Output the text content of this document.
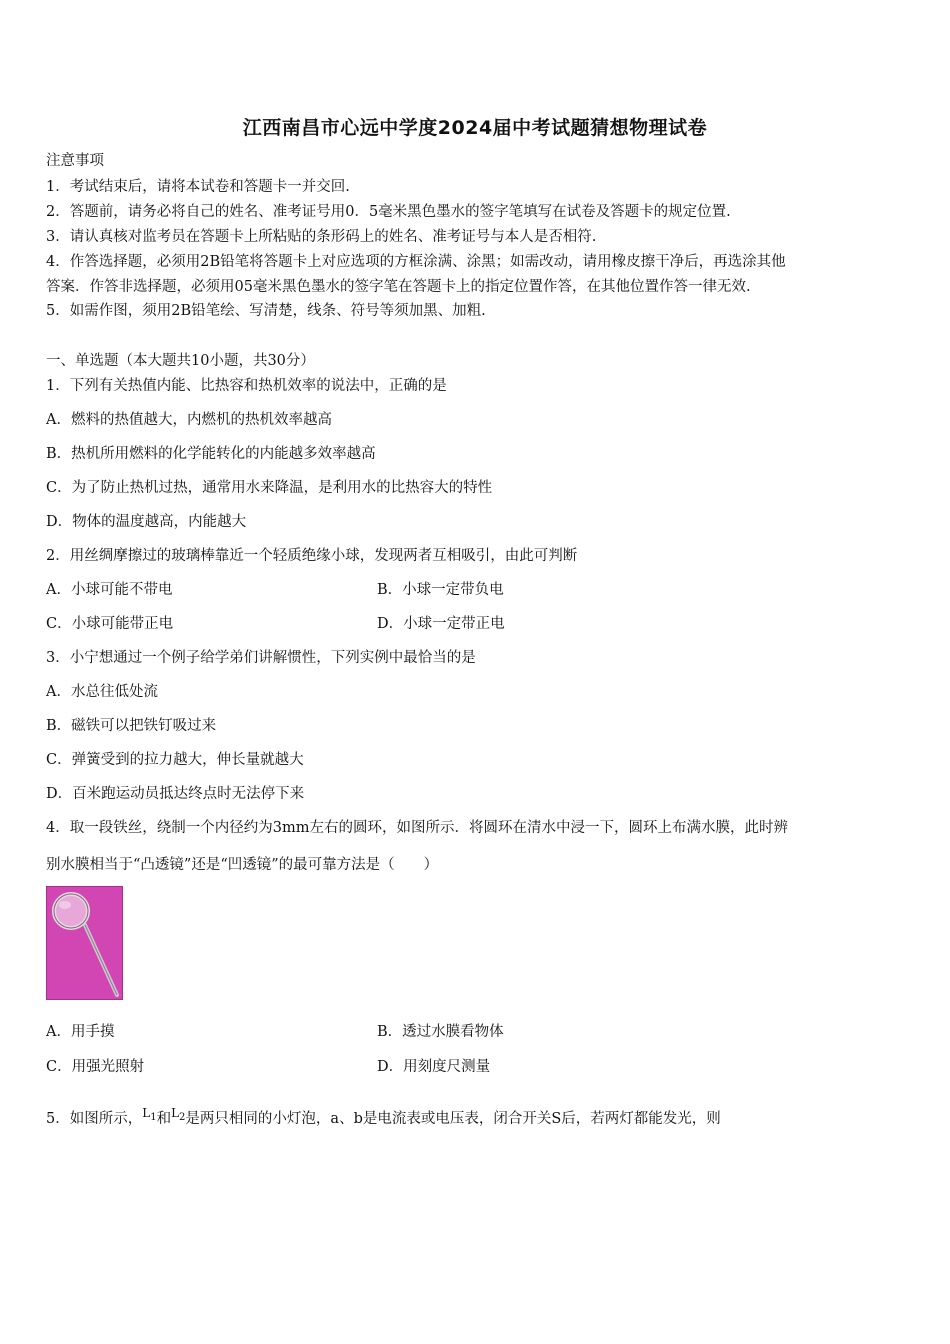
江西南昌市心远中学度2024届中考试题猜想物理试卷
注意事项
1．考试结束后，请将本试卷和答题卡一并交回.
2．答题前，请务必将自己的姓名、准考证号用0．5毫米黑色墨水的签字笔填写在试卷及答题卡的规定位置.
3．请认真核对监考员在答题卡上所粘贴的条形码上的姓名、准考证号与本人是否相符.
4．作答选择题，必须用2B铅笔将答题卡上对应选项的方框涂满、涂黑；如需改动，请用橡皮擦干净后，再选涂其他
答案．作答非选择题，必须用05毫米黑色墨水的签字笔在答题卡上的指定位置作答，在其他位置作答一律无效.
5．如需作图，须用2B铅笔绘、写清楚，线条、符号等须加黑、加粗.
一、单选题（本大题共10小题，共30分）
1．下列有关热值内能、比热容和热机效率的说法中，正确的是
A．燃料的热值越大，内燃机的热机效率越高
B．热机所用燃料的化学能转化的内能越多效率越高
C．为了防止热机过热，通常用水来降温，是利用水的比热容大的特性
D．物体的温度越高，内能越大
2．用丝绸摩擦过的玻璃棒靠近一个轻质绝缘小球，发现两者互相吸引，由此可判断
A．小球可能不带电	B．小球一定带负电
C．小球可能带正电	D．小球一定带正电
3．小宁想通过一个例子给学弟们讲解惯性，下列实例中最恰当的是
A．水总往低处流
B．磁铁可以把铁钉吸过来
C．弹簧受到的拉力越大，伸长量就越大
D．百米跑运动员抵达终点时无法停下来
4．取一段铁丝，绕制一个内径约为3mm左右的圆环，如图所示．将圆环在清水中浸一下，圆环上布满水膜，此时辨
别水膜相当于“凸透镜”还是“凹透镜”的最可靠方法是（　　）
A．用手摸	B．透过水膜看物体
C．用强光照射	D．用刻度尺测量
5．如图所示，$L_1$和$L_2$是两只相同的小灯泡，a、b是电流表或电压表，闭合开关S后，若两灯都能发光，则
